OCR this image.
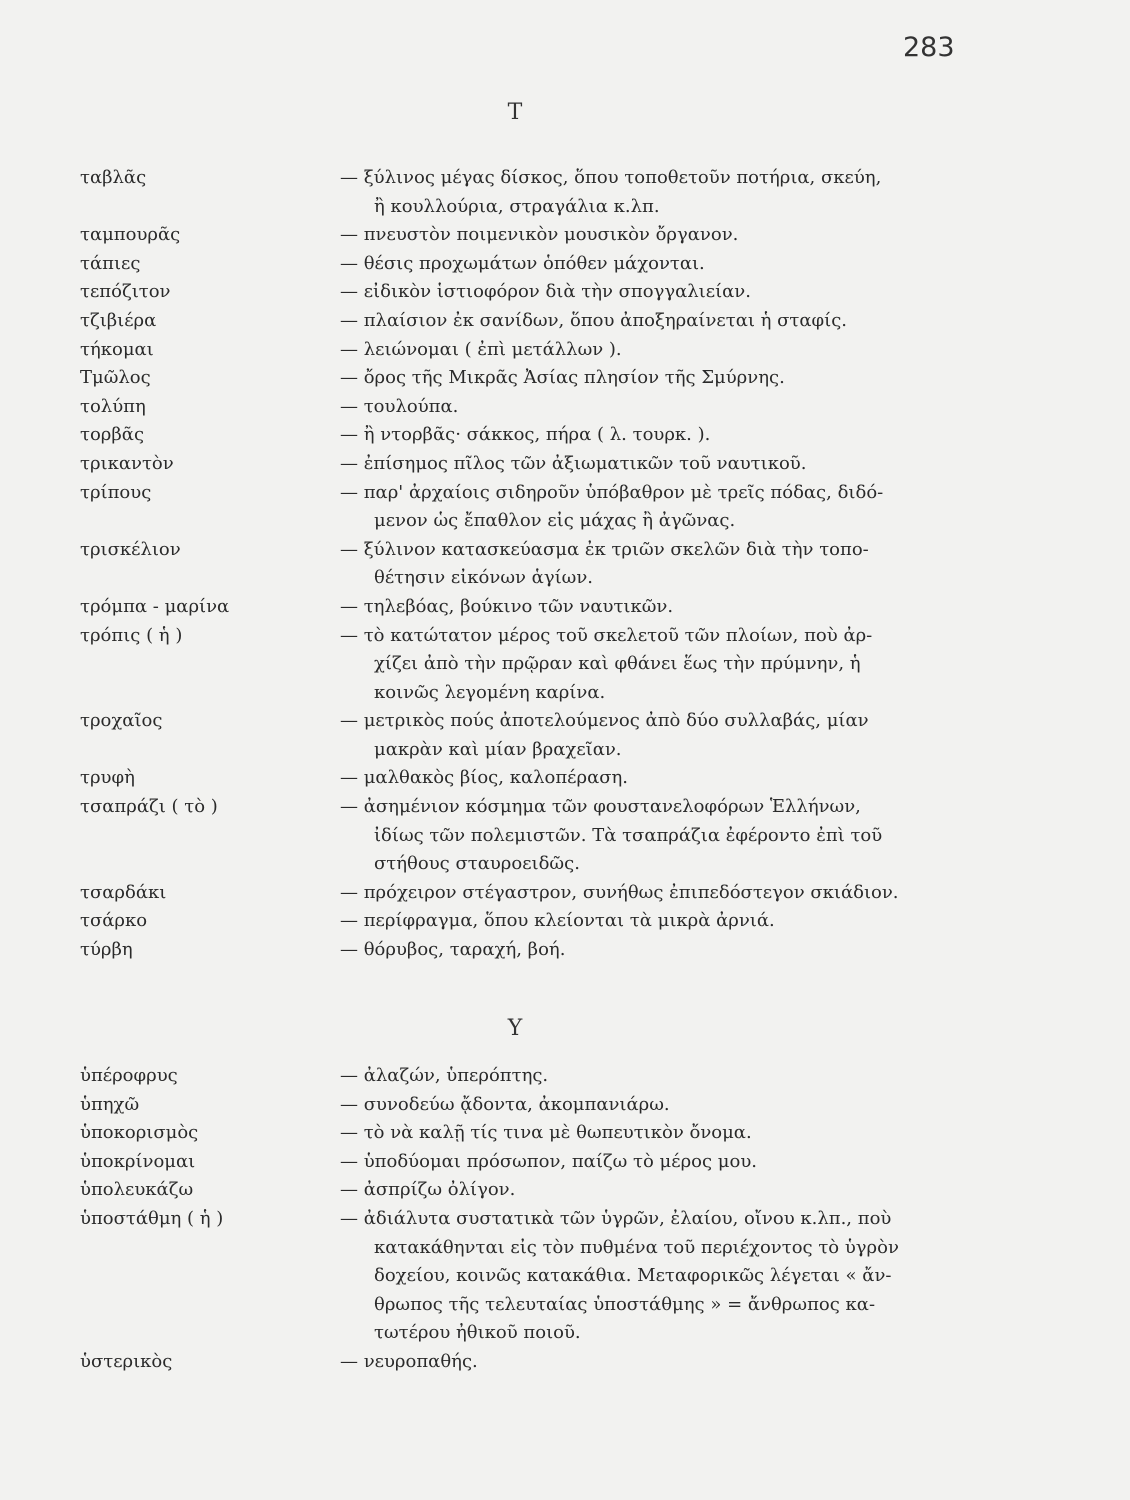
283
Τ
ταβλᾶς	— ξύλινος μέγας δίσκος, ὅπου τοποθετοῦν ποτήρια, σκεύη,
ἢ κουλλούρια, στραγάλια κ.λπ.
ταμπουρᾶς	— πνευστὸν ποιμενικὸν μουσικὸν ὄργανον.
τάπιες	— θέσις προχωμάτων ὁπόθεν μάχονται.
τεπόζιτον	— εἰδικὸν ἱστιοφόρον διὰ τὴν σπογγαλιείαν.
τζιβιέρα	— πλαίσιον ἐκ σανίδων, ὅπου ἀποξηραίνεται ἡ σταφίς.
τήκομαι	— λειώνομαι ( ἐπὶ μετάλλων ).
Τμῶλος	— ὄρος τῆς Μικρᾶς Ἀσίας πλησίον τῆς Σμύρνης.
τολύπη	— τουλούπα.
τορβᾶς	— ἢ ντορβᾶς· σάκκος, πήρα ( λ. τουρκ. ).
τρικαντὸν	— ἐπίσημος πῖλος τῶν ἀξιωματικῶν τοῦ ναυτικοῦ.
τρίπους	— παρ' ἀρχαίοις σιδηροῦν ὑπόβαθρον μὲ τρεῖς πόδας, διδό-
μενον ὡς ἔπαθλον εἰς μάχας ἢ ἀγῶνας.
τρισκέλιον	— ξύλινον κατασκεύασμα ἐκ τριῶν σκελῶν διὰ τὴν τοπο-
θέτησιν εἰκόνων ἁγίων.
τρόμπα - μαρίνα	— τηλεβόας, βούκινο τῶν ναυτικῶν.
τρόπις ( ἡ )	— τὸ κατώτατον μέρος τοῦ σκελετοῦ τῶν πλοίων, ποὺ ἀρ-
χίζει ἀπὸ τὴν πρῷραν καὶ φθάνει ἕως τὴν πρύμνην, ἡ
κοινῶς λεγομένη καρίνα.
τροχαῖος	— μετρικὸς πούς ἀποτελούμενος ἀπὸ δύο συλλαβάς, μίαν
μακρὰν καὶ μίαν βραχεῖαν.
τρυφὴ	— μαλθακὸς βίος, καλοπέραση.
τσαπράζι ( τὸ )	— ἀσημένιον κόσμημα τῶν φουστανελοφόρων Ἑλλήνων,
ἰδίως τῶν πολεμιστῶν. Τὰ τσαπράζια ἐφέροντο ἐπὶ τοῦ
στήθους σταυροειδῶς.
τσαρδάκι	— πρόχειρον στέγαστρον, συνήθως ἐπιπεδόστεγον σκιάδιον.
τσάρκο	— περίφραγμα, ὅπου κλείονται τὰ μικρὰ ἀρνιά.
τύρβη	— θόρυβος, ταραχή, βοή.
Υ
ὑπέροφρυς	— ἀλαζών, ὑπερόπτης.
ὑπηχῶ	— συνοδεύω ᾄδοντα, ἀκομπανιάρω.
ὑποκορισμὸς	— τὸ νὰ καλῇ τίς τινα μὲ θωπευτικὸν ὄνομα.
ὑποκρίνομαι	— ὑποδύομαι πρόσωπον, παίζω τὸ μέρος μου.
ὑπολευκάζω	— ἀσπρίζω ὀλίγον.
ὑποστάθμη ( ἡ )	— ἀδιάλυτα συστατικὰ τῶν ὑγρῶν, ἐλαίου, οἴνου κ.λπ., ποὺ
κατακάθηνται εἰς τὸν πυθμένα τοῦ περιέχοντος τὸ ὑγρὸν
δοχείου, κοινῶς κατακάθια. Μεταφορικῶς λέγεται « ἄν-
θρωπος τῆς τελευταίας ὑποστάθμης » = ἄνθρωπος κα-
τωτέρου ἠθικοῦ ποιοῦ.
ὑστερικὸς	— νευροπαθής.
